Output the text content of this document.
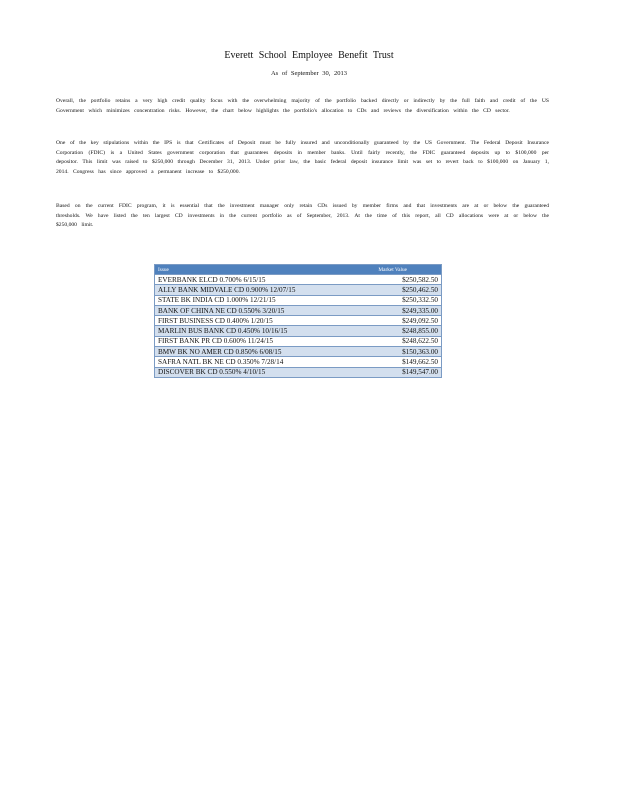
Everett School Employee Benefit Trust
As of September 30, 2013

Overall, the portfolio retains a very high credit quality focus with the overwhelming majority of the portfolio backed directly or indirectly by the full faith and credit of the US Government which minimizes concentration risks. However, the chart below highlights the portfolio's allocation to CDs and reviews the diversification within the CD sector.

One of the key stipulations within the IPS is that Certificates of Deposit must be fully insured and unconditionally guaranteed by the US Government. The Federal Deposit Insurance Corporation (FDIC) is a United States government corporation that guarantees deposits in member banks. Until fairly recently, the FDIC guaranteed deposits up to $100,000 per depositor. This limit was raised to $250,000 through December 31, 2013. Under prior law, the basic federal deposit insurance limit was set to revert back to $100,000 on January 1, 2014. Congress has since approved a permanent increase to $250,000.

Based on the current FDIC program, it is essential that the investment manager only retain CDs issued by member firms and that investments are at or below the guaranteed thresholds. We have listed the ten largest CD investments in the current portfolio as of September, 2013. At the time of this report, all CD allocations were at or below the $250,000 limit.

Issue	Market Value
EVERBANK ELCD 0.700% 6/15/15	$250,582.50
ALLY BANK MIDVALE CD 0.900% 12/07/15	$250,462.50
STATE BK INDIA CD 1.000% 12/21/15	$250,332.50
BANK OF CHINA NE CD 0.550% 3/20/15	$249,335.00
FIRST BUSINESS CD 0.400% 1/20/15	$249,092.50
MARLIN BUS BANK CD 0.450% 10/16/15	$248,855.00
FIRST BANK PR CD 0.600% 11/24/15	$248,622.50
BMW BK NO AMER CD 0.850% 6/08/15	$150,363.00
SAFRA NATL BK NE CD 0.350% 7/28/14	$149,662.50
DISCOVER BK CD 0.550% 4/10/15	$149,547.00
